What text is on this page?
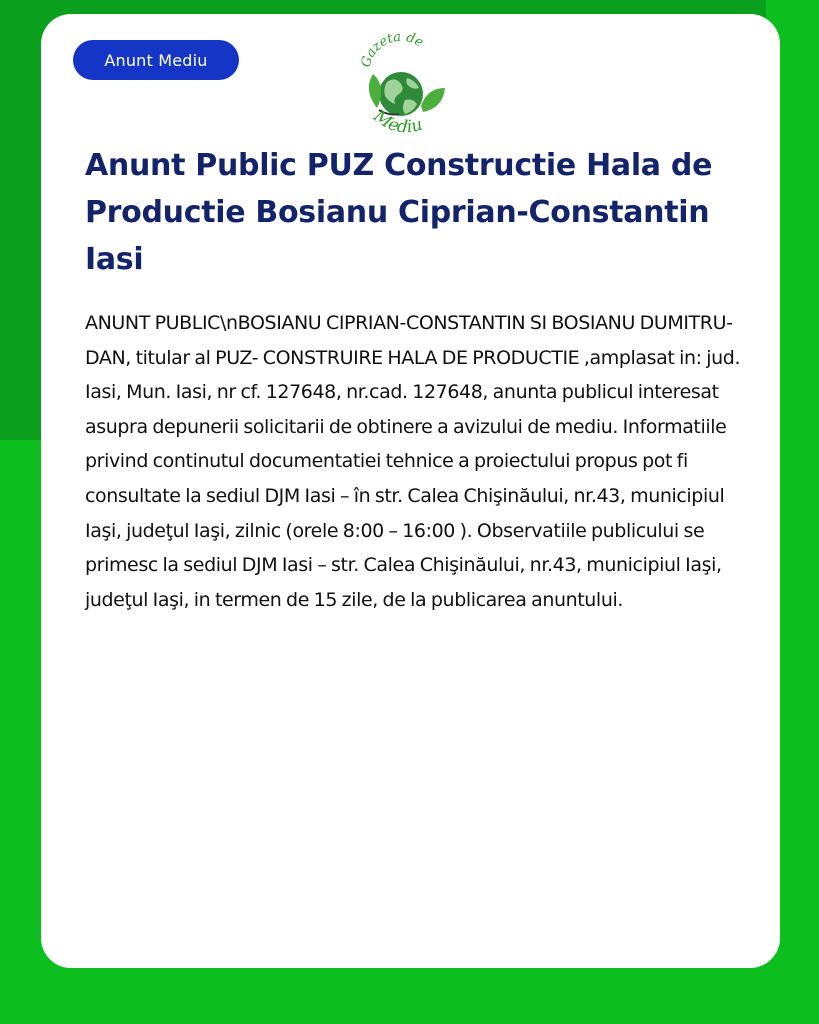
Anunt Mediu	Gazeta de
Mediu
Anunt Public PUZ Constructie Hala de Productie Bosianu Ciprian-Constantin Iasi

ANUNT PUBLIC\nBOSIANU CIPRIAN-CONSTANTIN SI BOSIANU DUMITRU-DAN, titular al PUZ- CONSTRUIRE HALA DE PRODUCTIE ,amplasat in: jud. Iasi, Mun. Iasi, nr cf. 127648, nr.cad. 127648, anunta publicul interesat asupra depunerii solicitarii de obtinere a avizului de mediu. Informatiile privind continutul documentatiei tehnice a proiectului propus pot fi consultate la sediul DJM Iasi – în str. Calea Chişinăului, nr.43, municipiul Iaşi, judeţul Iaşi, zilnic (orele 8:00 – 16:00 ). Observatiile publicului se primesc la sediul DJM Iasi – str. Calea Chişinăului, nr.43, municipiul Iaşi, judeţul Iaşi, in termen de 15 zile, de la publicarea anuntului.
